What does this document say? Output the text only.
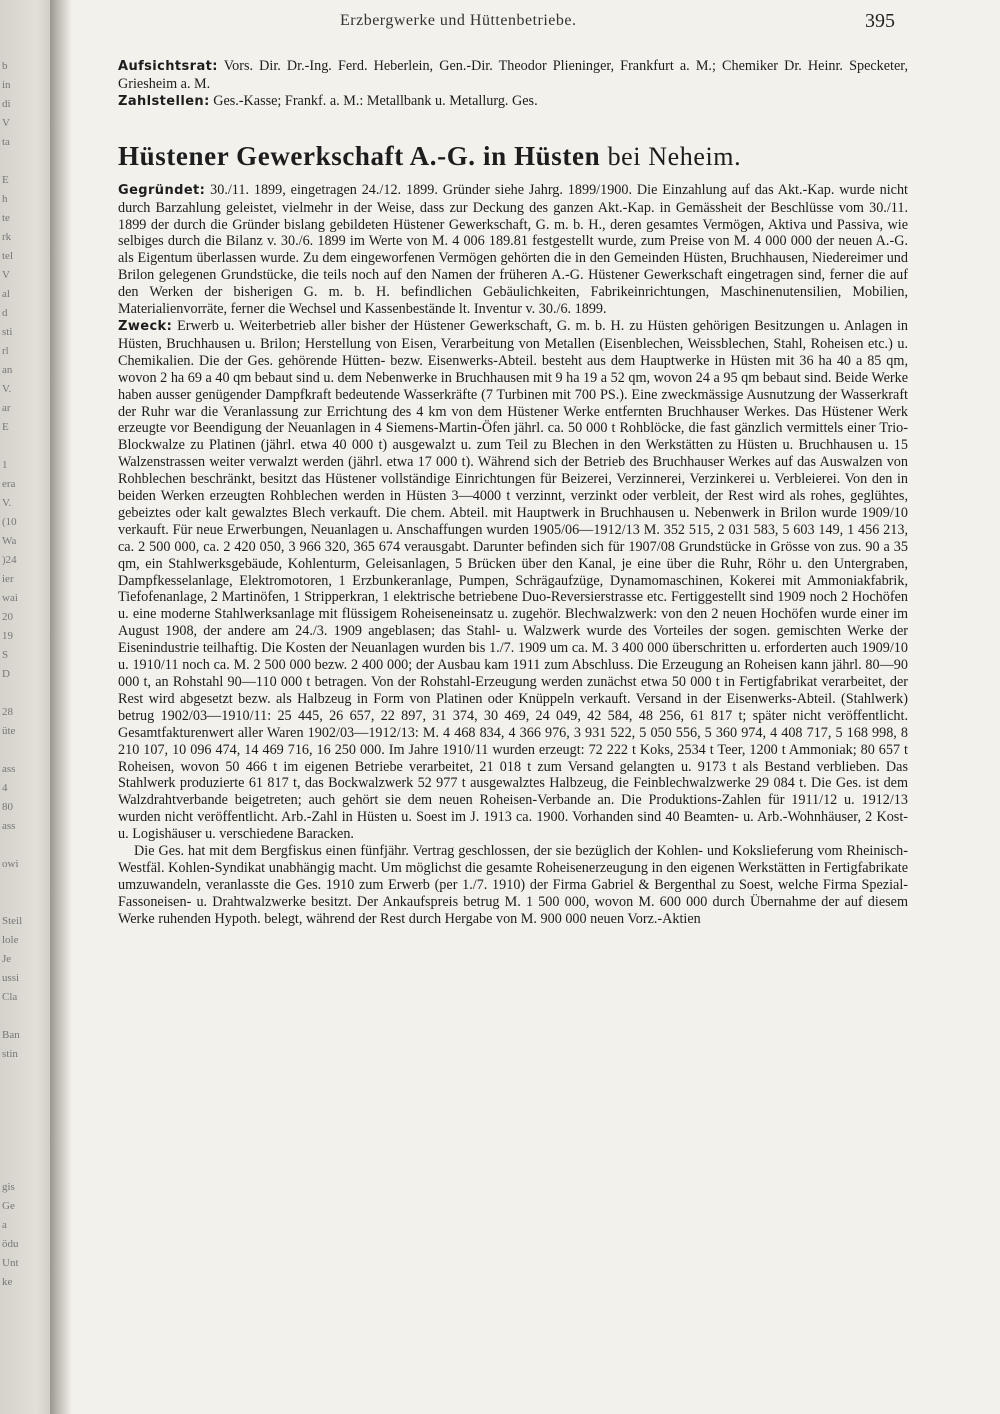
b
in
di
V
ta
E
h
te
rk
tel
V
al
d
sti
rl
an
V.
ar
E
1
era
V.
(10
Wa
)24
ier
wai
20
19
S
D
28
üte
ass
4
80
ass
owi
Steil
lole
Je
ussi
Cla
Ban
stin
gis
Ge
a
ödu
Unt
ke
Erzbergwerke und Hüttenbetriebe.	395

Aufsichtsrat: Vors. Dir. Dr.-Ing. Ferd. Heberlein, Gen.-Dir. Theodor Plieninger, Frankfurt a. M.; Chemiker Dr. Heinr. Specketer, Griesheim a. M.

Zahlstellen: Ges.-Kasse; Frankf. a. M.: Metallbank u. Metallurg. Ges.

Hüstener Gewerkschaft A.-G. in Hüsten bei Neheim.

Gegründet: 30./11. 1899, eingetragen 24./12. 1899. Gründer siehe Jahrg. 1899/1900. Die Einzahlung auf das Akt.-Kap. wurde nicht durch Barzahlung geleistet, vielmehr in der Weise, dass zur Deckung des ganzen Akt.-Kap. in Gemässheit der Beschlüsse vom 30./11. 1899 der durch die Gründer bislang gebildeten Hüstener Gewerkschaft, G. m. b. H., deren gesamtes Vermögen, Aktiva und Passiva, wie selbiges durch die Bilanz v. 30./6. 1899 im Werte von M. 4 006 189.81 festgestellt wurde, zum Preise von M. 4 000 000 der neuen A.-G. als Eigentum überlassen wurde. Zu dem eingeworfenen Vermögen gehörten die in den Gemeinden Hüsten, Bruchhausen, Niedereimer und Brilon gelegenen Grundstücke, die teils noch auf den Namen der früheren A.-G. Hüstener Gewerkschaft eingetragen sind, ferner die auf den Werken der bisherigen G. m. b. H. befindlichen Gebäulichkeiten, Fabrikeinrichtungen, Maschinenutensilien, Mobilien, Materialienvorräte, ferner die Wechsel und Kassenbestände lt. Inventur v. 30./6. 1899.

Zweck: Erwerb u. Weiterbetrieb aller bisher der Hüstener Gewerkschaft, G. m. b. H. zu Hüsten gehörigen Besitzungen u. Anlagen in Hüsten, Bruchhausen u. Brilon; Herstellung von Eisen, Verarbeitung von Metallen (Eisenblechen, Weissblechen, Stahl, Roheisen etc.) u. Chemikalien. Die der Ges. gehörende Hütten- bezw. Eisenwerks-Abteil. besteht aus dem Hauptwerke in Hüsten mit 36 ha 40 a 85 qm, wovon 2 ha 69 a 40 qm bebaut sind u. dem Nebenwerke in Bruchhausen mit 9 ha 19 a 52 qm, wovon 24 a 95 qm bebaut sind. Beide Werke haben ausser genügender Dampfkraft bedeutende Wasserkräfte (7 Turbinen mit 700 PS.). Eine zweckmässige Ausnutzung der Wasserkraft der Ruhr war die Veranlassung zur Errichtung des 4 km von dem Hüstener Werke entfernten Bruchhauser Werkes. Das Hüstener Werk erzeugte vor Beendigung der Neuanlagen in 4 Siemens-Martin-Öfen jährl. ca. 50 000 t Rohblöcke, die fast gänzlich vermittels einer Trio-Blockwalze zu Platinen (jährl. etwa 40 000 t) ausgewalzt u. zum Teil zu Blechen in den Werkstätten zu Hüsten u. Bruchhausen u. 15 Walzenstrassen weiter verwalzt werden (jährl. etwa 17 000 t). Während sich der Betrieb des Bruchhauser Werkes auf das Auswalzen von Rohblechen beschränkt, besitzt das Hüstener vollständige Einrichtungen für Beizerei, Verzinnerei, Verzinkerei u. Verbleierei. Von den in beiden Werken erzeugten Rohblechen werden in Hüsten 3—4000 t verzinnt, verzinkt oder verbleit, der Rest wird als rohes, geglühtes, gebeiztes oder kalt gewalztes Blech verkauft. Die chem. Abteil. mit Hauptwerk in Bruchhausen u. Nebenwerk in Brilon wurde 1909/10 verkauft. Für neue Erwerbungen, Neuanlagen u. Anschaffungen wurden 1905/06—1912/13 M. 352 515, 2 031 583, 5 603 149, 1 456 213, ca. 2 500 000, ca. 2 420 050, 3 966 320, 365 674 verausgabt. Darunter befinden sich für 1907/08 Grundstücke in Grösse von zus. 90 a 35 qm, ein Stahlwerksgebäude, Kohlenturm, Geleisanlagen, 5 Brücken über den Kanal, je eine über die Ruhr, Röhr u. den Untergraben, Dampfkesselanlage, Elektromotoren, 1 Erzbunkeranlage, Pumpen, Schrägaufzüge, Dynamomaschinen, Kokerei mit Ammoniakfabrik, Tiefofenanlage, 2 Martinöfen, 1 Stripperkran, 1 elektrische betriebene Duo-Reversierstrasse etc. Fertiggestellt sind 1909 noch 2 Hochöfen u. eine moderne Stahlwerksanlage mit flüssigem Roheiseneinsatz u. zugehör. Blechwalzwerk: von den 2 neuen Hochöfen wurde einer im August 1908, der andere am 24./3. 1909 angeblasen; das Stahl- u. Walzwerk wurde des Vorteiles der sogen. gemischten Werke der Eisenindustrie teilhaftig. Die Kosten der Neuanlagen wurden bis 1./7. 1909 um ca. M. 3 400 000 überschritten u. erforderten auch 1909/10 u. 1910/11 noch ca. M. 2 500 000 bezw. 2 400 000; der Ausbau kam 1911 zum Abschluss. Die Erzeugung an Roheisen kann jährl. 80—90 000 t, an Rohstahl 90—110 000 t betragen. Von der Rohstahl-Erzeugung werden zunächst etwa 50 000 t in Fertigfabrikat verarbeitet, der Rest wird abgesetzt bezw. als Halbzeug in Form von Platinen oder Knüppeln verkauft. Versand in der Eisenwerks-Abteil. (Stahlwerk) betrug 1902/03—1910/11: 25 445, 26 657, 22 897, 31 374, 30 469, 24 049, 42 584, 48 256, 61 817 t; später nicht veröffentlicht. Gesamtfakturenwert aller Waren 1902/03—1912/13: M. 4 468 834, 4 366 976, 3 931 522, 5 050 556, 5 360 974, 4 408 717, 5 168 998, 8 210 107, 10 096 474, 14 469 716, 16 250 000. Im Jahre 1910/11 wurden erzeugt: 72 222 t Koks, 2534 t Teer, 1200 t Ammoniak; 80 657 t Roheisen, wovon 50 466 t im eigenen Betriebe verarbeitet, 21 018 t zum Versand gelangten u. 9173 t als Bestand verblieben. Das Stahlwerk produzierte 61 817 t, das Bockwalzwerk 52 977 t ausgewalztes Halbzeug, die Feinblechwalzwerke 29 084 t. Die Ges. ist dem Walzdrahtverbande beigetreten; auch gehört sie dem neuen Roheisen-Verbande an. Die Produktions-Zahlen für 1911/12 u. 1912/13 wurden nicht veröffentlicht. Arb.-Zahl in Hüsten u. Soest im J. 1913 ca. 1900. Vorhanden sind 40 Beamten- u. Arb.-Wohnhäuser, 2 Kost- u. Logishäuser u. verschiedene Baracken.

Die Ges. hat mit dem Bergfiskus einen fünfjähr. Vertrag geschlossen, der sie bezüglich der Kohlen- und Kokslieferung vom Rheinisch-Westfäl. Kohlen-Syndikat unabhängig macht. Um möglichst die gesamte Roheisenerzeugung in den eigenen Werkstätten in Fertigfabrikate umzuwandeln, veranlasste die Ges. 1910 zum Erwerb (per 1./7. 1910) der Firma Gabriel & Bergenthal zu Soest, welche Firma Spezial-Fassoneisen- u. Drahtwalzwerke besitzt. Der Ankaufspreis betrug M. 1 500 000, wovon M. 600 000 durch Übernahme der auf diesem Werke ruhenden Hypoth. belegt, während der Rest durch Hergabe von M. 900 000 neuen Vorz.-Aktien
